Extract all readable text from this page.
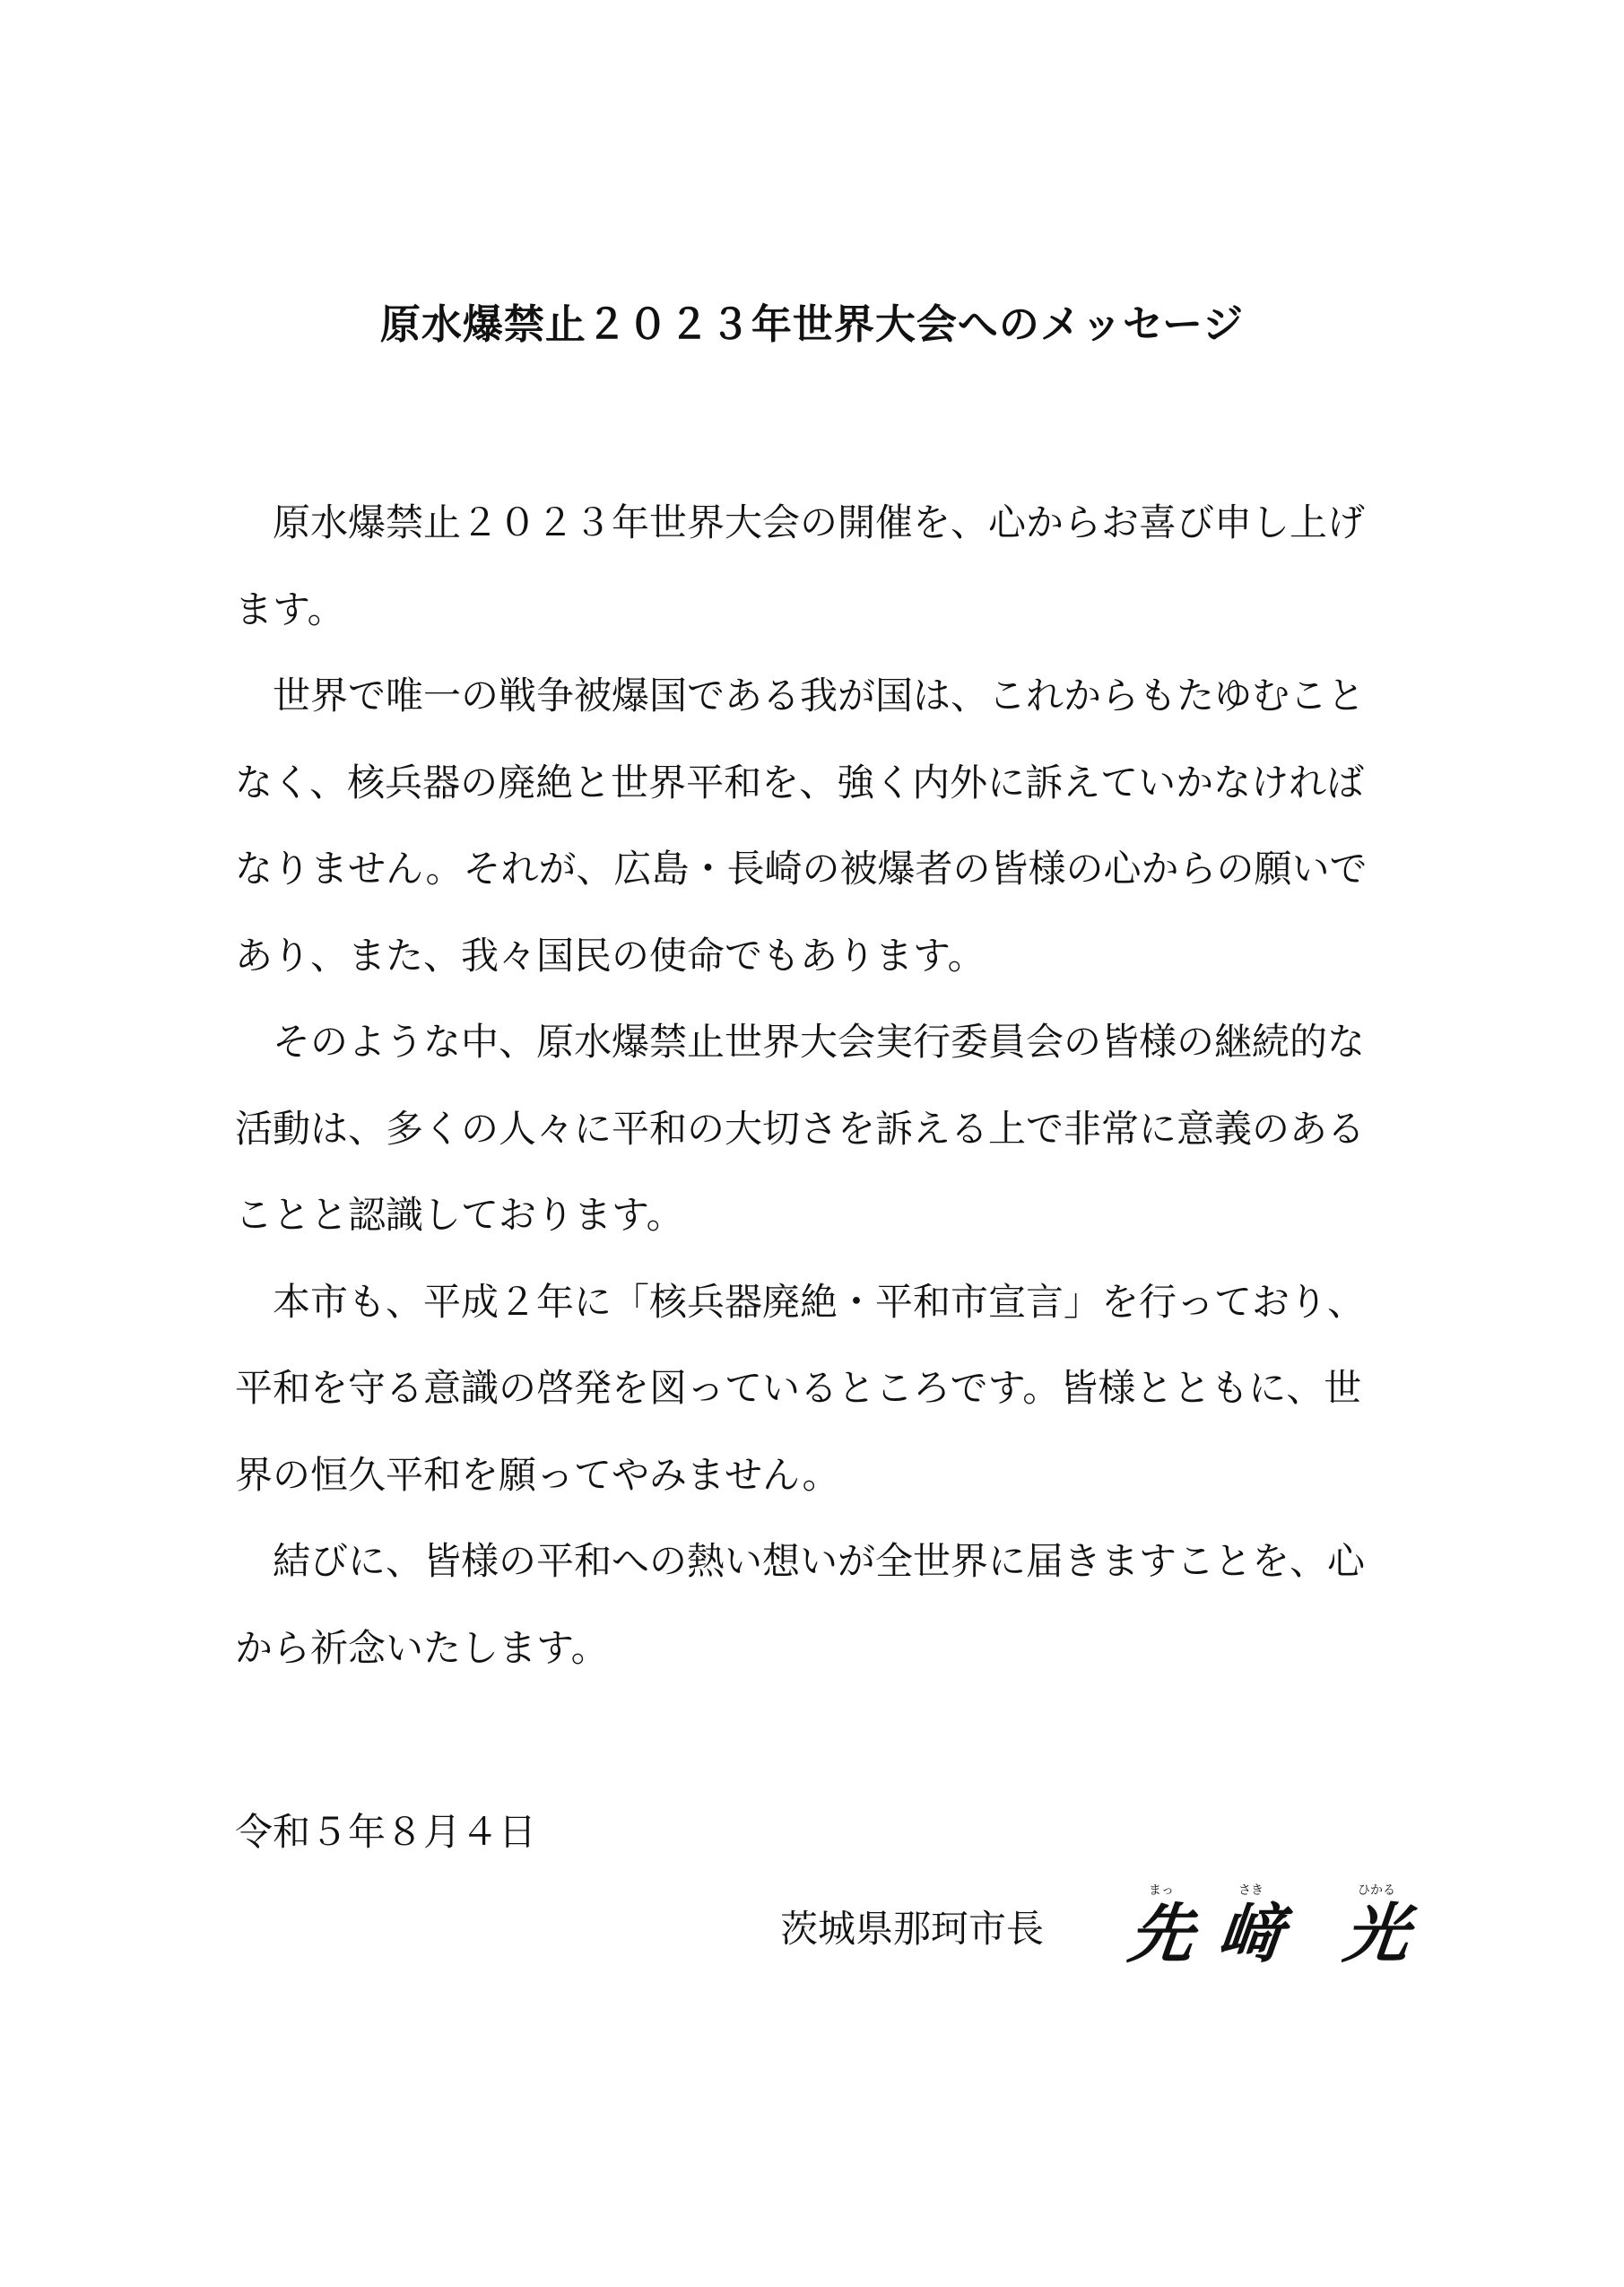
原水爆禁止２０２３年世界大会へのメッセージ

　原水爆禁止２０２３年世界大会の開催を、心からお喜び申し上げ
ます。

　世界で唯一の戦争被爆国である我が国は、これからもたゆむこと
なく、核兵器の廃絶と世界平和を、強く内外に訴えていかなければ
なりません。それが、広島・長崎の被爆者の皆様の心からの願いで
あり、また、我々国民の使命でもあります。

　そのような中、原水爆禁止世界大会実行委員会の皆様の継続的な
活動は、多くの人々に平和の大切さを訴える上で非常に意義のある
ことと認識しております。

　本市も、平成２年に「核兵器廃絶・平和市宣言」を行っており、
平和を守る意識の啓発を図っているところです。皆様とともに、世
界の恒久平和を願ってやみません。

　結びに、皆様の平和への熱い想いが全世界に届きますことを、心
から祈念いたします。

令和５年８月４日
茨城県那珂市長
まっ
先
さき
﨑
ひかる
光
